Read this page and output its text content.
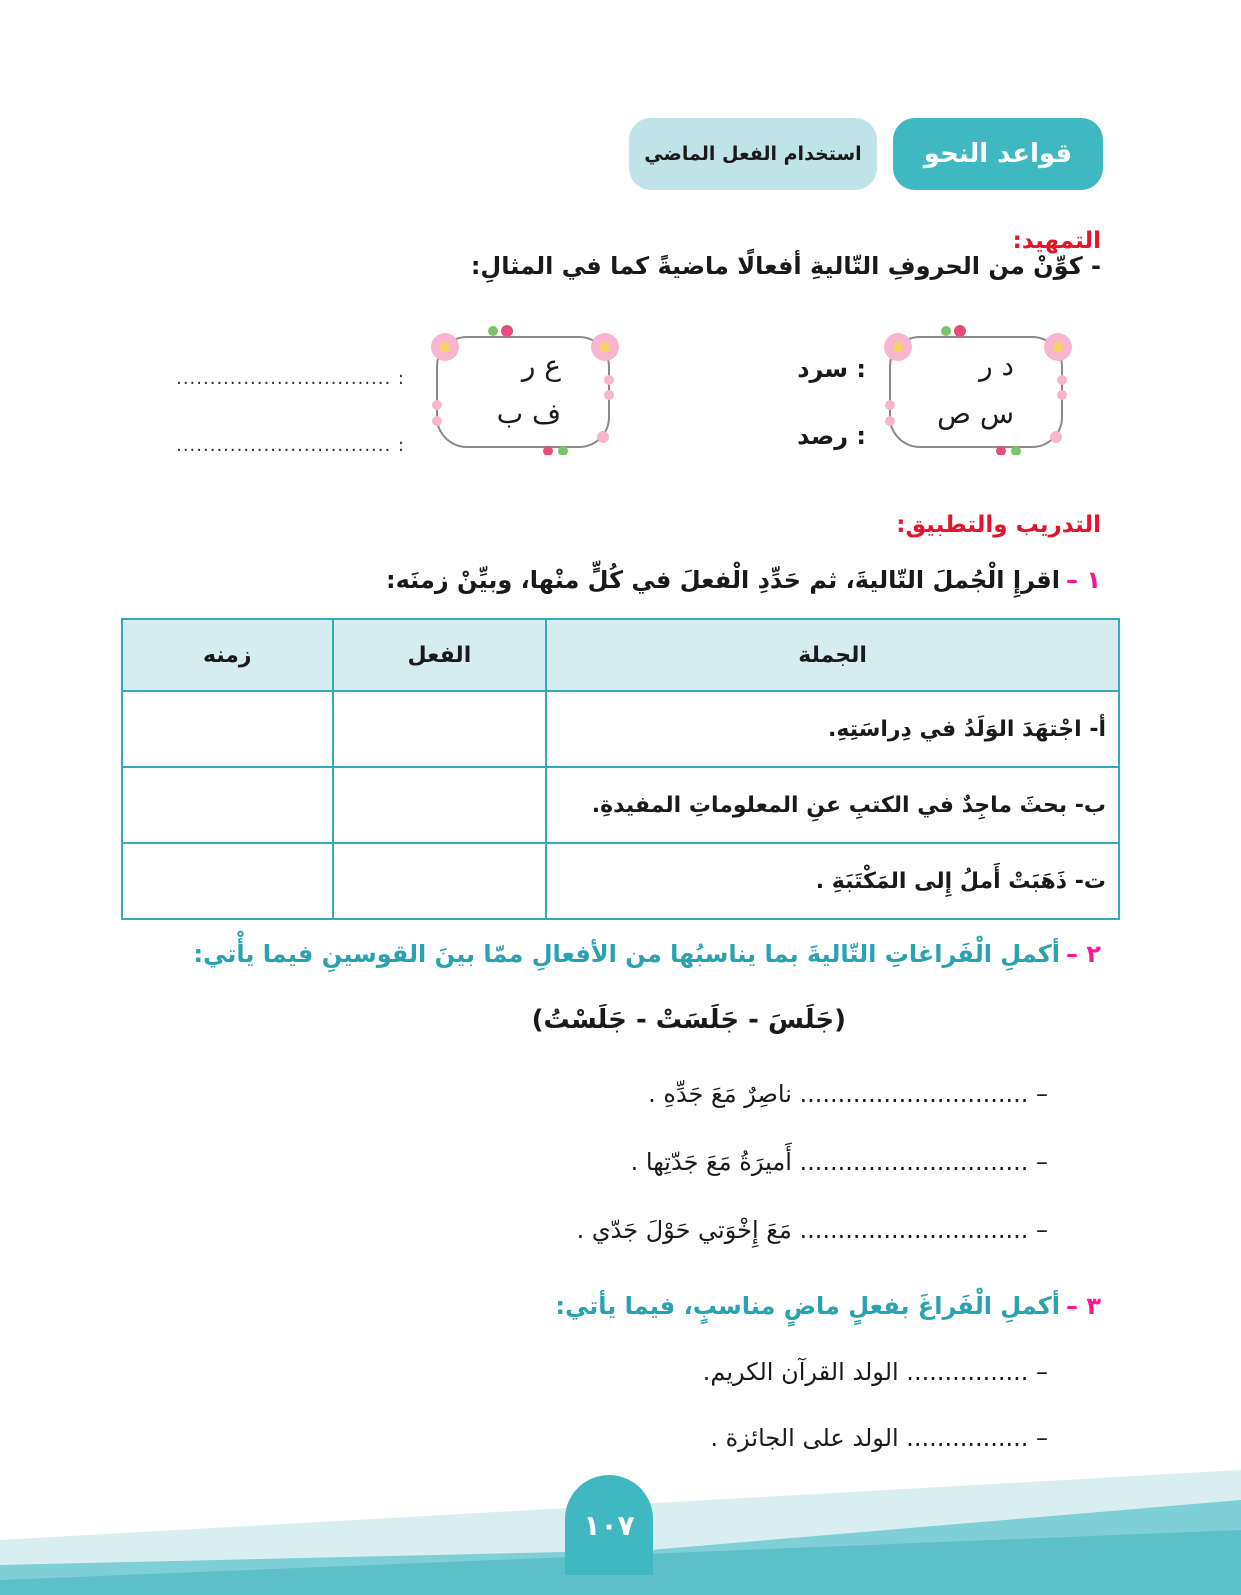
قواعد النحو
استخدام الفعل الماضي
التمهيد:
- كوِّنْ من الحروفِ التّاليةِ أفعالًا ماضيةً كما في المثالِ:
د ر
س ص
: سرد
: رصد
ع ر
ف ب
: ................................
: ................................
التدريب والتطبيق:
١ –اقرإِ الْجُملَ التّاليةَ، ثم حَدِّدِ الْفعلَ في كُلٍّ منْها، وبيِّنْ زمنَه:
الجملة	الفعل	زمنه
أ- اجْتهَدَ الوَلَدُ في دِراسَتِهِ.		
ب- بحثَ ماجِدٌ في الكتبِ عنِ المعلوماتِ المفيدةِ.		
ت- ذَهَبَتْ أَملُ إِلى المَكْتَبَةِ .		
٢ –أكملِ الْفَراغاتِ التّاليةَ بما يناسبُها من الأفعالِ ممّا بينَ القوسينِ فيما يأْتي:
(جَلَسَ - جَلَسَتْ - جَلَسْتُ)
– .............................. ناصِرٌ مَعَ جَدِّهِ .
– .............................. أَميرَةُ مَعَ جَدّتِها .
– .............................. مَعَ إِخْوَتي حَوْلَ جَدّي .
٣ –أكملِ الْفَراغَ بفعلٍ ماضٍ مناسبٍ، فيما يأتي:
– ................ الولد القرآن الكريم.
– ................ الولد على الجائزة .
١٠٧
